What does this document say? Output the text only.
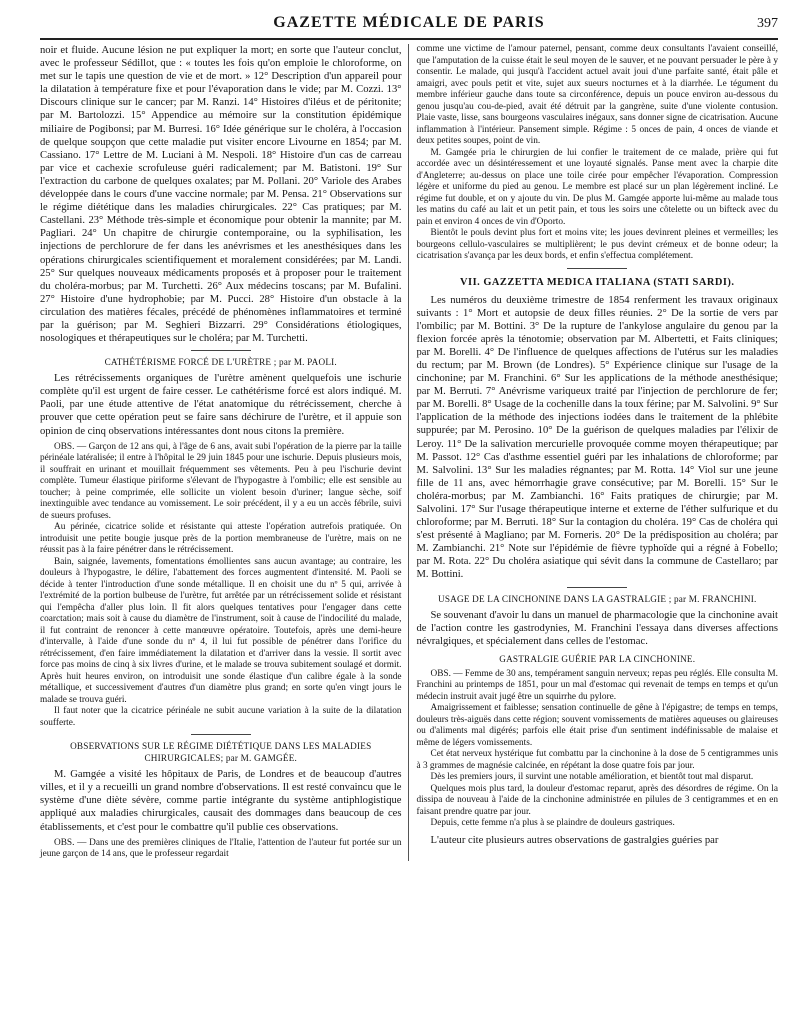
GAZETTE MÉDICALE DE PARIS	397

noir et fluide. Aucune lésion ne put expliquer la mort; en sorte que l'auteur conclut, avec le professeur Sédillot, que : « toutes les fois qu'on emploie le chloroforme, on met sur le tapis une question de vie et de mort. » 12° Description d'un appareil pour la dilatation à température fixe et pour l'évaporation dans le vide; par M. Cozzi. 13° Discours clinique sur le cancer; par M. Ranzi. 14° Histoires d'iléus et de péritonite; par M. Bartolozzi. 15° Appendice au mémoire sur la constitution épidémique miliaire de Pogibonsi; par M. Burresi. 16° Idée générique sur le choléra, à l'occasion de quelque soupçon que cette maladie put visiter encore Livourne en 1854; par M. Cassiano. 17° Lettre de M. Luciani à M. Nespoli. 18° Histoire d'un cas de carreau par vice et cachexie scrofuleuse guéri radicalement; par M. Batistoni. 19° Sur l'extraction du carbone de quelques oxalates; par M. Pollani. 20° Variole des Arabes développée dans le cours d'une vaccine normale; par M. Pensa. 21° Observations sur le régime diététique dans les maladies chirurgicales. 22° Cas pratiques; par M. Castellani. 23° Méthode très-simple et économique pour obtenir la mannite; par M. Pagliari. 24° Un chapitre de chirurgie contemporaine, ou la syphilisation, les injections de perchlorure de fer dans les anévrismes et les anesthésiques dans les opérations chirurgicales scientifiquement et moralement considérées; par M. Landi. 25° Sur quelques nouveaux médicaments proposés et à proposer pour le traitement du choléra-morbus; par M. Turchetti. 26° Aux médecins toscans; par M. Bufalini. 27° Histoire d'une hydrophobie; par M. Pucci. 28° Histoire d'un obstacle à la circulation des matières fécales, précédé de phénomènes inflammatoires et terminé par la guérison; par M. Seghieri Bizzarri. 29° Considérations étiologiques, nosologiques et thérapeutiques sur le choléra; par M. Turchetti.

CATHÉTÉRISME FORCÉ DE L'URÈTRE ; par M. PAOLI.

Les rétrécissements organiques de l'urètre amènent quelquefois une ischurie complète qu'il est urgent de faire cesser. Le cathétérisme forcé est alors indiqué. M. Paoli, par une étude attentive de l'état anatomique du rétrécissement, cherche à prouver que cette opération peut se faire sans déchirure de l'urètre, et il appuie son opinion de cinq observations intéressantes dont nous citons la première.

OBS. — Garçon de 12 ans qui, à l'âge de 6 ans, avait subi l'opération de la pierre par la taille périnéale latéralisée; il entre à l'hôpital le 29 juin 1845 pour une ischurie. Depuis plusieurs mois, il souffrait en urinant et mouillait fréquemment ses vêtements. Peu à peu l'ischurie devint complète. Tumeur élastique piriforme s'élevant de l'hypogastre à l'ombilic; elle est sensible au toucher; à peine comprimée, elle sollicite un violent besoin d'uriner; langue sèche, soif inextinguible avec tendance au vomissement. Le soir précédent, il y a eu un accès fébrile, suivi de sueurs profuses.

Au périnée, cicatrice solide et résistante qui atteste l'opération autrefois pratiquée. On introduisit une petite bougie jusque près de la portion membraneuse de l'urètre, mais on ne réussit pas à la faire pénétrer dans le rétrécissement.

Bain, saignée, lavements, fomentations émollientes sans aucun avantage; au contraire, les douleurs à l'hypogastre, le délire, l'abattement des forces augmentent d'intensité. M. Paoli se décide à tenter l'introduction d'une sonde métallique. Il en choisit une du nº 5 qui, arrivée à l'extrémité de la portion bulbeuse de l'urètre, fut arrêtée par un rétrécissement solide et résistant qui l'empêcha d'aller plus loin. Il fit alors quelques tentatives pour l'engager dans cette coarctation; mais soit à cause du diamètre de l'instrument, soit à cause de l'indocilité du malade, il fut contraint de renoncer à cette manœuvre opératoire. Toutefois, après une demi-heure d'intervalle, à l'aide d'une sonde du nº 4, il lui fut possible de pénétrer dans l'orifice du rétrécissement, d'en faire immédiatement la dilatation et d'arriver dans la vessie. Il sortit avec force pas moins de cinq à six livres d'urine, et le malade se trouva subitement soulagé et dormit. Après huit heures environ, on introduisit une sonde élastique d'un calibre égale à la sonde métallique, et successivement d'autres d'un diamètre plus grand; en sorte qu'en vingt jours le malade se trouva guéri.

Il faut noter que la cicatrice périnéale ne subit aucune variation à la suite de la dilatation soufferte.

OBSERVATIONS SUR LE RÉGIME DIÉTÉTIQUE DANS LES MALADIES CHIRURGICALES; par M. GAMGÉE.

M. Gamgée a visité les hôpitaux de Paris, de Londres et de beaucoup d'autres villes, et il y a recueilli un grand nombre d'observations. Il est resté convaincu que le système d'une diète sévère, comme partie intégrante du système antiphlogistique appliqué aux maladies chirurgicales, causait des dommages dans beaucoup de ces établissements, et c'est pour le combattre qu'il publie ces observations.

OBS. — Dans une des premières cliniques de l'Italie, l'attention de l'auteur fut portée sur un jeune garçon de 14 ans, que le professeur regardait

comme une victime de l'amour paternel, pensant, comme deux consultants l'avaient conseillé, que l'amputation de la cuisse était le seul moyen de le sauver, et ne pouvant persuader le père à y consentir. Le malade, qui jusqu'à l'accident actuel avait joui d'une parfaite santé, était pâle et amaigri, avec pouls petit et vite, sujet aux sueurs nocturnes et à la diarrhée. Le tégument du membre inférieur gauche dans toute sa circonférence, depuis un pouce environ au-dessous du genou jusqu'au cou-de-pied, avait été détruit par la gangrène, suite d'une violente contusion. Plaie vaste, lisse, sans bourgeons vasculaires inégaux, sans donner signe de cicatrisation. Aucune inflammation à l'intérieur. Pansement simple. Régime : 5 onces de pain, 4 onces de viande et deux petites soupes, point de vin.

M. Gamgée pria le chirurgien de lui confier le traitement de ce malade, prière qui fut accordée avec un désintéressement et une loyauté signalés. Panse ment avec la charpie dite d'Angleterre; au-dessus on place une toile cirée pour empêcher l'évaporation. Compression légère et uniforme du pied au genou. Le membre est placé sur un plan légèrement incliné. Le régime fut double, et on y ajoute du vin. De plus M. Gamgée apporte lui-même au malade tous les matins du café au lait et un petit pain, et tous les soirs une côtelette ou un bifteck avec du pain et environ 4 onces de vin d'Oporto.

Bientôt le pouls devint plus fort et moins vite; les joues devinrent pleines et vermeilles; les bourgeons cellulo-vasculaires se multiplièrent; le pus devint crémeux et de bonne odeur; la cicatrisation s'avança par les deux bords, et enfin s'effectua complétement.

VII. GAZZETTA MEDICA ITALIANA (STATI SARDI).

Les numéros du deuxième trimestre de 1854 renferment les travaux originaux suivants : 1° Mort et autopsie de deux filles réunies. 2° De la sortie de vers par l'ombilic; par M. Bottini. 3° De la rupture de l'ankylose angulaire du genou par la flexion forcée après la ténotomie; observation par M. Albertetti, et Faits cliniques; par M. Borelli. 4° De l'influence de quelques affections de l'utérus sur les maladies du rectum; par M. Brown (de Londres). 5° Expérience clinique sur l'usage de la cinchonine; par M. Franchini. 6° Sur les applications de la méthode anesthésique; par M. Berruti. 7° Anévrisme variqueux traité par l'injection de perchlorure de fer; par M. Borelli. 8° Usage de la cochenille dans la toux férine; par M. Salvolini. 9° Sur l'application de la méthode des injections iodées dans le traitement de la phlébite suppurée; par M. Perosino. 10° De la guérison de quelques maladies par l'élixir de Leroy. 11° De la salivation mercurielle provoquée comme moyen thérapeutique; par M. Passot. 12° Cas d'asthme essentiel guéri par les inhalations de chloroforme; par M. Salvolini. 13° Sur les maladies régnantes; par M. Rotta. 14° Viol sur une jeune fille de 11 ans, avec hémorrhagie grave consécutive; par M. Borelli. 15° Sur le choléra-morbus; par M. Zambianchi. 16° Faits pratiques de chirurgie; par M. Salvolini. 17° Sur l'usage thérapeutique interne et externe de l'éther sulfurique et du chloroforme; par M. Berruti. 18° Sur la contagion du choléra. 19° Cas de choléra qui s'est présenté à Magliano; par M. Forneris. 20° De la prédisposition au choléra; par M. Zambianchi. 21° Note sur l'épidémie de fièvre typhoïde qui a régné à Fobello; par M. Rota. 22° Du choléra asiatique qui sévit dans la commune de Castellaro; par M. Bottini.

USAGE DE LA CINCHONINE DANS LA GASTRALGIE ; par M. FRANCHINI.

Se souvenant d'avoir lu dans un manuel de pharmacologie que la cinchonine avait de l'action contre les gastrodynies, M. Franchini l'essaya dans diverses affections névralgiques, et spécialement dans celles de l'estomac.

GASTRALGIE GUÉRIE PAR LA CINCHONINE.

OBS. — Femme de 30 ans, tempérament sanguin nerveux; repas peu réglés. Elle consulta M. Franchini au printemps de 1851, pour un mal d'estomac qui revenait de temps en temps et qu'un médecin instruit avait jugé être un squirrhe du pylore.

Amaigrissement et faiblesse; sensation continuelle de gêne à l'épigastre; de temps en temps, douleurs très-aiguës dans cette région; souvent vomissements de matières aqueuses ou glaireuses ou d'aliments mal digérés; parfois elle était prise d'un sentiment indéfinissable de malaise et même de légers vomissements.

Cet état nerveux hystérique fut combattu par la cinchonine à la dose de 5 centigrammes unis à 3 grammes de magnésie calcinée, en répétant la dose quatre fois par jour.

Dès les premiers jours, il survint une notable amélioration, et bientôt tout mal disparut.

Quelques mois plus tard, la douleur d'estomac reparut, après des désordres de régime. On la dissipa de nouveau à l'aide de la cinchonine administrée en pilules de 3 centigrammes et en en faisant prendre quatre par jour.

Depuis, cette femme n'a plus à se plaindre de douleurs gastriques.

L'auteur cite plusieurs autres observations de gastralgies guéries par
